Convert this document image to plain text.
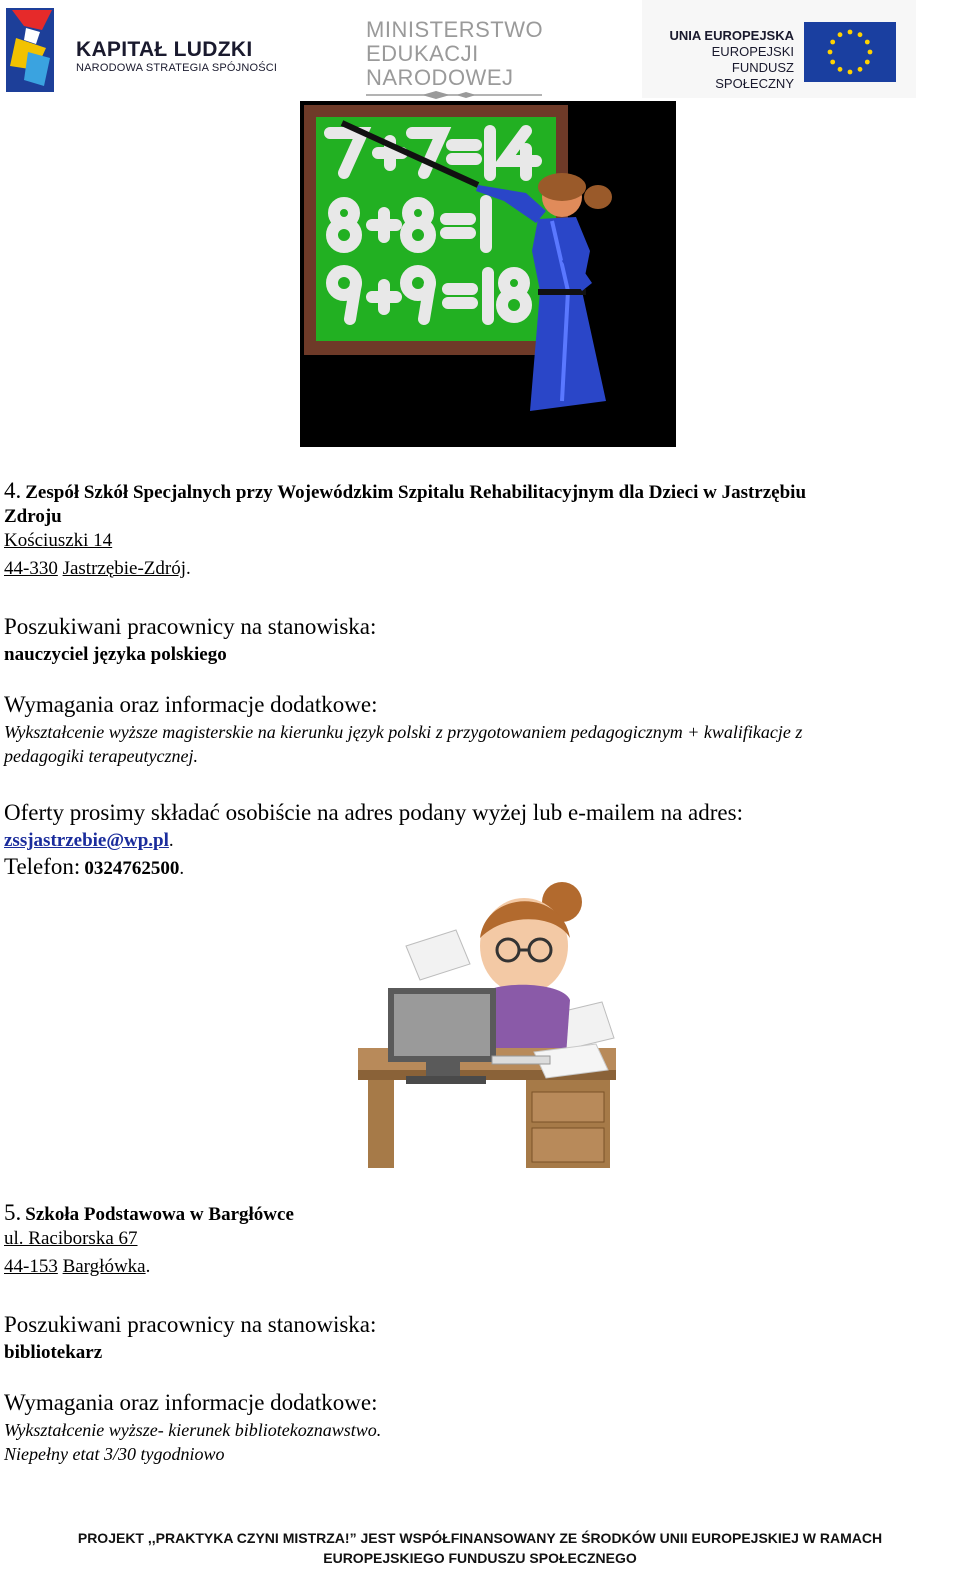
KAPITAŁ LUDZKI
NARODOWA STRATEGIA SPÓJNOŚCI
MINISTERSTWO
EDUKACJI
NARODOWEJ
UNIA EUROPEJSKA
EUROPEJSKI
FUNDUSZ SPOŁECZNY
4. Zespół Szkół Specjalnych przy Wojewódzkim Szpitalu Rehabilitacyjnym dla Dzieci w Jastrzębiu
Zdroju
Kościuszki 14
44-330 Jastrzębie-Zdrój.
Poszukiwani pracownicy na stanowiska:
nauczyciel języka polskiego
Wymagania oraz informacje dodatkowe:
Wykształcenie wyższe magisterskie na kierunku język polski z przygotowaniem pedagogicznym + kwalifikacje z
pedagogiki terapeutycznej.
Oferty prosimy składać osobiście na adres podany wyżej lub e-mailem na adres:
zssjastrzebie@wp.pl.
Telefon: 0324762500.
5. Szkoła Podstawowa w Bargłówce
ul. Raciborska 67
44-153 Bargłówka.
Poszukiwani pracownicy na stanowiska:
bibliotekarz
Wymagania oraz informacje dodatkowe:
Wykształcenie wyższe- kierunek bibliotekoznawstwo.
Niepełny etat 3/30 tygodniowo
PROJEKT ,,PRAKTYKA CZYNI MISTRZA!” JEST WSPÓŁFINANSOWANY ZE ŚRODKÓW UNII EUROPEJSKIEJ W RAMACH
EUROPEJSKIEGO FUNDUSZU SPOŁECZNEGO
